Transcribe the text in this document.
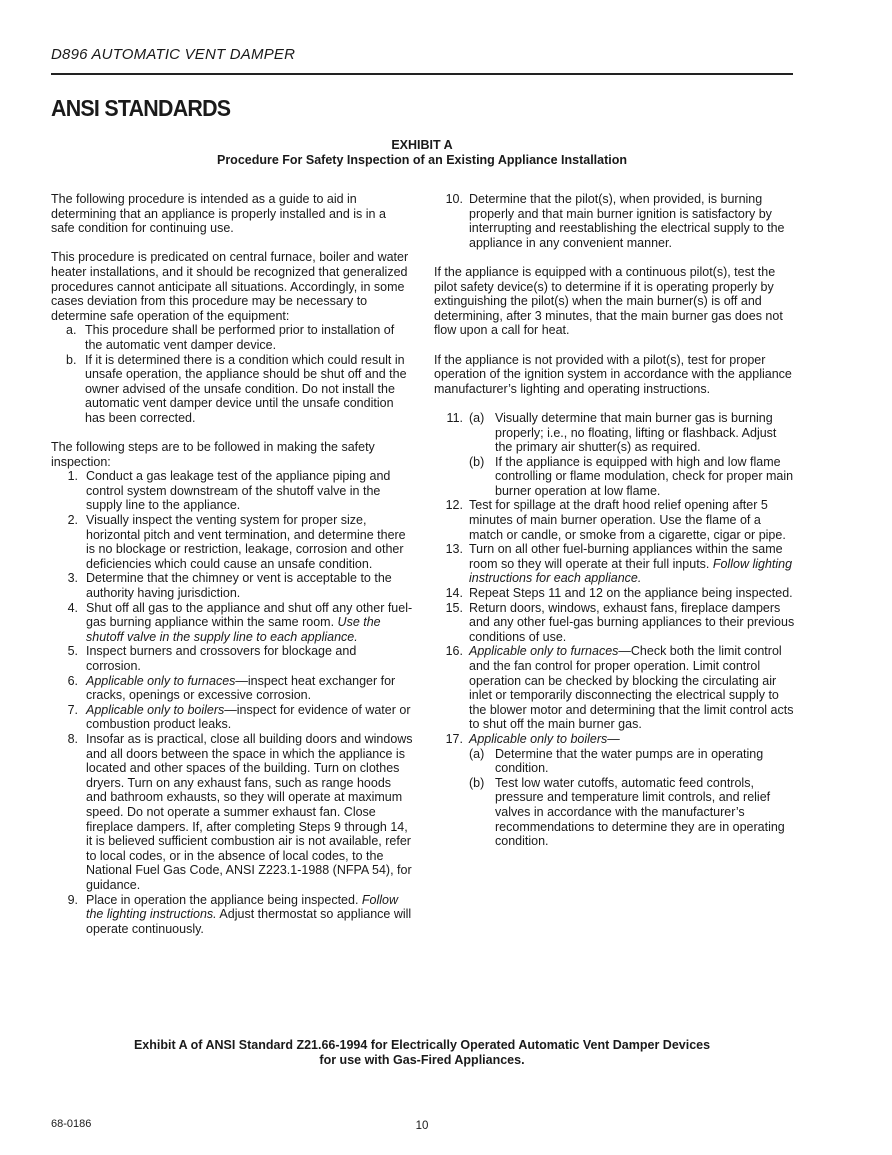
D896 AUTOMATIC VENT DAMPER
ANSI STANDARDS
EXHIBIT A
Procedure For Safety Inspection of an Existing Appliance Installation

The following procedure is intended as a guide to aid in determining that an appliance is properly installed and is in a safe condition for continuing use.

This procedure is predicated on central furnace, boiler and water heater installations, and it should be recognized that generalized procedures cannot anticipate all situations. Accordingly, in some cases deviation from this procedure may be necessary to determine safe operation of the equipment:

a. This procedure shall be performed prior to installation of the automatic vent damper device.
b. If it is determined there is a condition which could result in unsafe operation, the appliance should be shut off and the owner advised of the unsafe condition. Do not install the automatic vent damper device until the unsafe condition has been corrected.

The following steps are to be followed in making the safety inspection:

1. Conduct a gas leakage test of the appliance piping and control system downstream of the shutoff valve in the supply line to the appliance.
2. Visually inspect the venting system for proper size, horizontal pitch and vent termination, and determine there is no blockage or restriction, leakage, corrosion and other deficiencies which could cause an unsafe condition.
3. Determine that the chimney or vent is acceptable to the authority having jurisdiction.
4. Shut off all gas to the appliance and shut off any other fuel-gas burning appliance within the same room. Use the shutoff valve in the supply line to each appliance.
5. Inspect burners and crossovers for blockage and corrosion.
6. Applicable only to furnaces—inspect heat exchanger for cracks, openings or excessive corrosion.
7. Applicable only to boilers—inspect for evidence of water or combustion product leaks.
8. Insofar as is practical, close all building doors and windows and all doors between the space in which the appliance is located and other spaces of the building. Turn on clothes dryers. Turn on any exhaust fans, such as range hoods and bathroom exhausts, so they will operate at maximum speed. Do not operate a summer exhaust fan. Close fireplace dampers. If, after completing Steps 9 through 14, it is believed sufficient combustion air is not available, refer to local codes, or in the absence of local codes, to the National Fuel Gas Code, ANSI Z223.1-1988 (NFPA 54), for guidance.
9. Place in operation the appliance being inspected. Follow the lighting instructions. Adjust thermostat so appliance will operate continuously.
10. Determine that the pilot(s), when provided, is burning properly and that main burner ignition is satisfactory by interrupting and reestablishing the electrical supply to the appliance in any convenient manner.

If the appliance is equipped with a continuous pilot(s), test the pilot safety device(s) to determine if it is operating properly by extinguishing the pilot(s) when the main burner(s) is off and determining, after 3 minutes, that the main burner gas does not flow upon a call for heat.

If the appliance is not provided with a pilot(s), test for proper operation of the ignition system in accordance with the appliance manufacturer’s lighting and operating instructions.

11. (a) Visually determine that main burner gas is burning properly; i.e., no floating, lifting or flashback. Adjust the primary air shutter(s) as required.
(b) If the appliance is equipped with high and low flame controlling or flame modulation, check for proper main burner operation at low flame.
12. Test for spillage at the draft hood relief opening after 5 minutes of main burner operation. Use the flame of a match or candle, or smoke from a cigarette, cigar or pipe.
13. Turn on all other fuel-burning appliances within the same room so they will operate at their full inputs. Follow lighting instructions for each appliance.
14. Repeat Steps 11 and 12 on the appliance being inspected.
15. Return doors, windows, exhaust fans, fireplace dampers and any other fuel-gas burning appliances to their previous conditions of use.
16. Applicable only to furnaces—Check both the limit control and the fan control for proper operation. Limit control operation can be checked by blocking the circulating air inlet or temporarily disconnecting the electrical supply to the blower motor and determining that the limit control acts to shut off the main burner gas.
17. Applicable only to boilers—
(a) Determine that the water pumps are in operating condition.
(b) Test low water cutoffs, automatic feed controls, pressure and temperature limit controls, and relief valves in accordance with the manufacturer’s recommendations to determine they are in operating condition.
Exhibit A of ANSI Standard Z21.66-1994 for Electrically Operated Automatic Vent Damper Devices
for use with Gas-Fired Appliances.
68-0186	10
